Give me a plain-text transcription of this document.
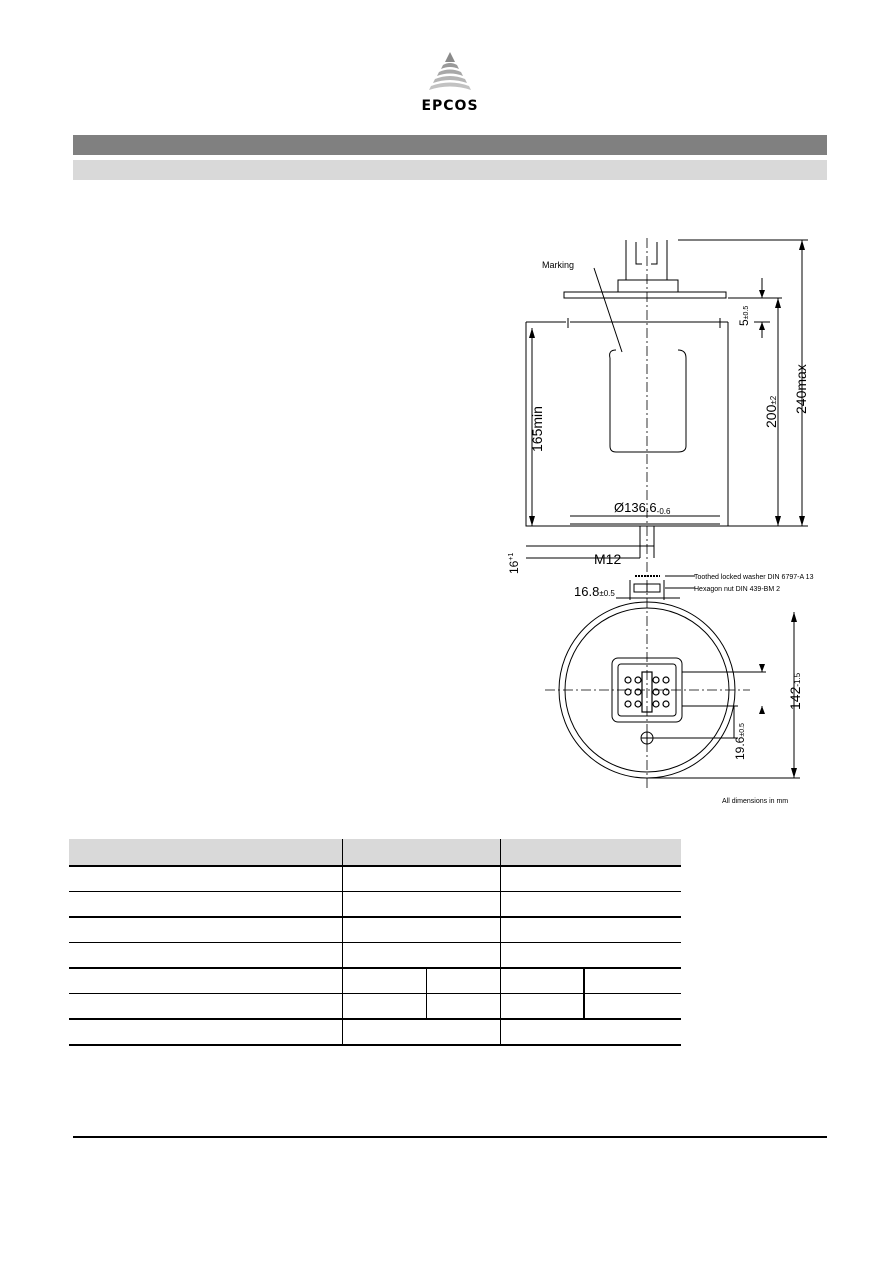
EPCOS
Marking
5±0.5
200±2 240max
165min
Ø136.6-0.6
$16^{+1}$	M12
Toothed locked washer DIN 6797-A 13
Hexagon nut DIN 439-BM 2
16.8±0.5
142-1.5
19.6±0.5
All dimensions in mm
